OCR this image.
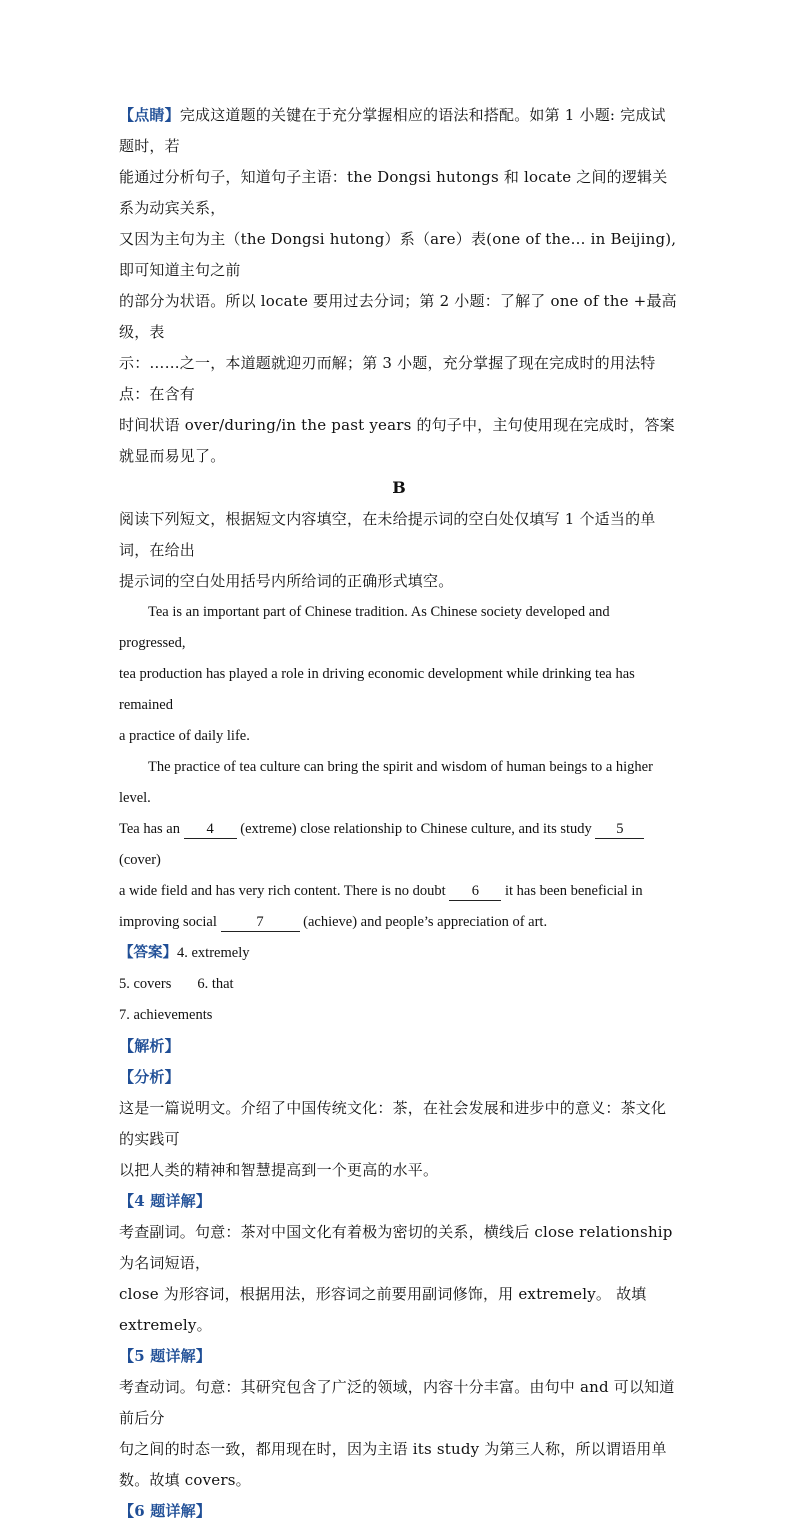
【点睛】完成这道题的关键在于充分掌握相应的语法和搭配。如第 1 小题: 完成试题时，若

能通过分析句子，知道句子主语：the Dongsi hutongs 和 locate 之间的逻辑关系为动宾关系，

又因为主句为主（the Dongsi hutong）系（are）表(one of the… in Beijing), 即可知道主句之前

的部分为状语。所以 locate 要用过去分词；第 2 小题：了解了 one of the +最高级，表

示：……之一，本道题就迎刃而解；第 3 小题，充分掌握了现在完成时的用法特点：在含有

时间状语 over/during/in the past years 的句子中，主句使用现在完成时，答案就显而易见了。

B

阅读下列短文，根据短文内容填空，在未给提示词的空白处仅填写 1 个适当的单词，在给出

提示词的空白处用括号内所给词的正确形式填空。

Tea is an important part of Chinese tradition. As Chinese society developed and progressed,

tea production has played a role in driving economic development while drinking tea has remained

a practice of daily life.

The practice of tea culture can bring the spirit and wisdom of human beings to a higher level.

Tea has an 4 (extreme) close relationship to Chinese culture, and its study 5 (cover)

a wide field and has very rich content. There is no doubt 6 it has been beneficial in

improving social 7 (achieve) and people’s appreciation of art.

【答案】4. extremely

5. covers 6. that

7. achievements

【解析】

【分析】

这是一篇说明文。介绍了中国传统文化：茶，在社会发展和进步中的意义：茶文化的实践可

以把人类的精神和智慧提高到一个更高的水平。

【4 题详解】

考查副词。句意：茶对中国文化有着极为密切的关系，横线后 close relationship 为名词短语，

close 为形容词，根据用法，形容词之前要用副词修饰，用 extremely。 故填 extremely。

【5 题详解】

考查动词。句意：其研究包含了广泛的领域，内容十分丰富。由句中 and 可以知道前后分

句之间的时态一致，都用现在时，因为主语 its study 为第三人称，所以谓语用单数。故填 covers。

【6 题详解】
